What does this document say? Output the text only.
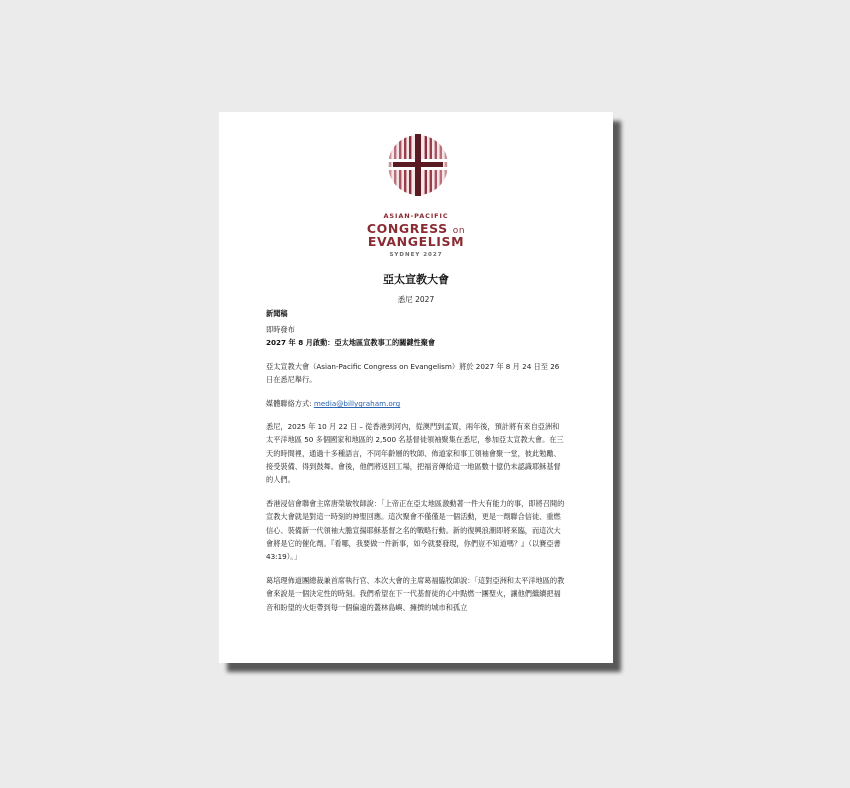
ASIAN-PACIFIC
CONGRESS on
EVANGELISM
SYDNEY 2027
亞太宣教大會
悉尼 2027
新聞稿
即時發布
2027 年 8 月啟動：亞太地區宣教事工的關鍵性聚會
亞太宣教大會（Asian-Pacific Congress on Evangelism）將於 2027 年 8 月 24 日至 26 日在悉尼舉行。
媒體聯絡方式: media@billygraham.org
悉尼，2025 年 10 月 22 日 – 從香港到河內，從澳門到孟買，兩年後，預計將有來自亞洲和太平洋地區 50 多個國家和地區的 2,500 名基督徒領袖聚集在悉尼，參加亞太宣教大會。在三天的時間裡，通過十多種語言，不同年齡層的牧師、佈道家和事工領袖會聚一堂，彼此勉勵、接受裝備、得到鼓舞。會後，他們將返回工場，把福音傳給這一地區數十億仍未認識耶穌基督的人們。
香港浸信會聯會主席唐榮敏牧師說：「上帝正在亞太地區激動著一件大有能力的事，即將召開的宣教大會就是對這一時刻的神聖回應。這次聚會不僅僅是一個活動，更是一劑聯合信徒、重燃信心、裝備新一代領袖大膽宣揚耶穌基督之名的戰略行動。新的復興浪潮即將來臨，而這次大會將是它的催化劑。『看哪，我要做一件新事，如今就要發現，你們豈不知道嗎？』（以賽亞書 43:19）。」
葛培理佈道團總裁兼首席執行官、本次大會的主席葛福臨牧師說：「這對亞洲和太平洋地區的教會來說是一個決定性的時刻。我們希望在下一代基督徒的心中點燃一團聖火，讓他們繼續把福音和盼望的火炬帶到每一個偏遠的叢林島嶼、擁擠的城市和孤立
